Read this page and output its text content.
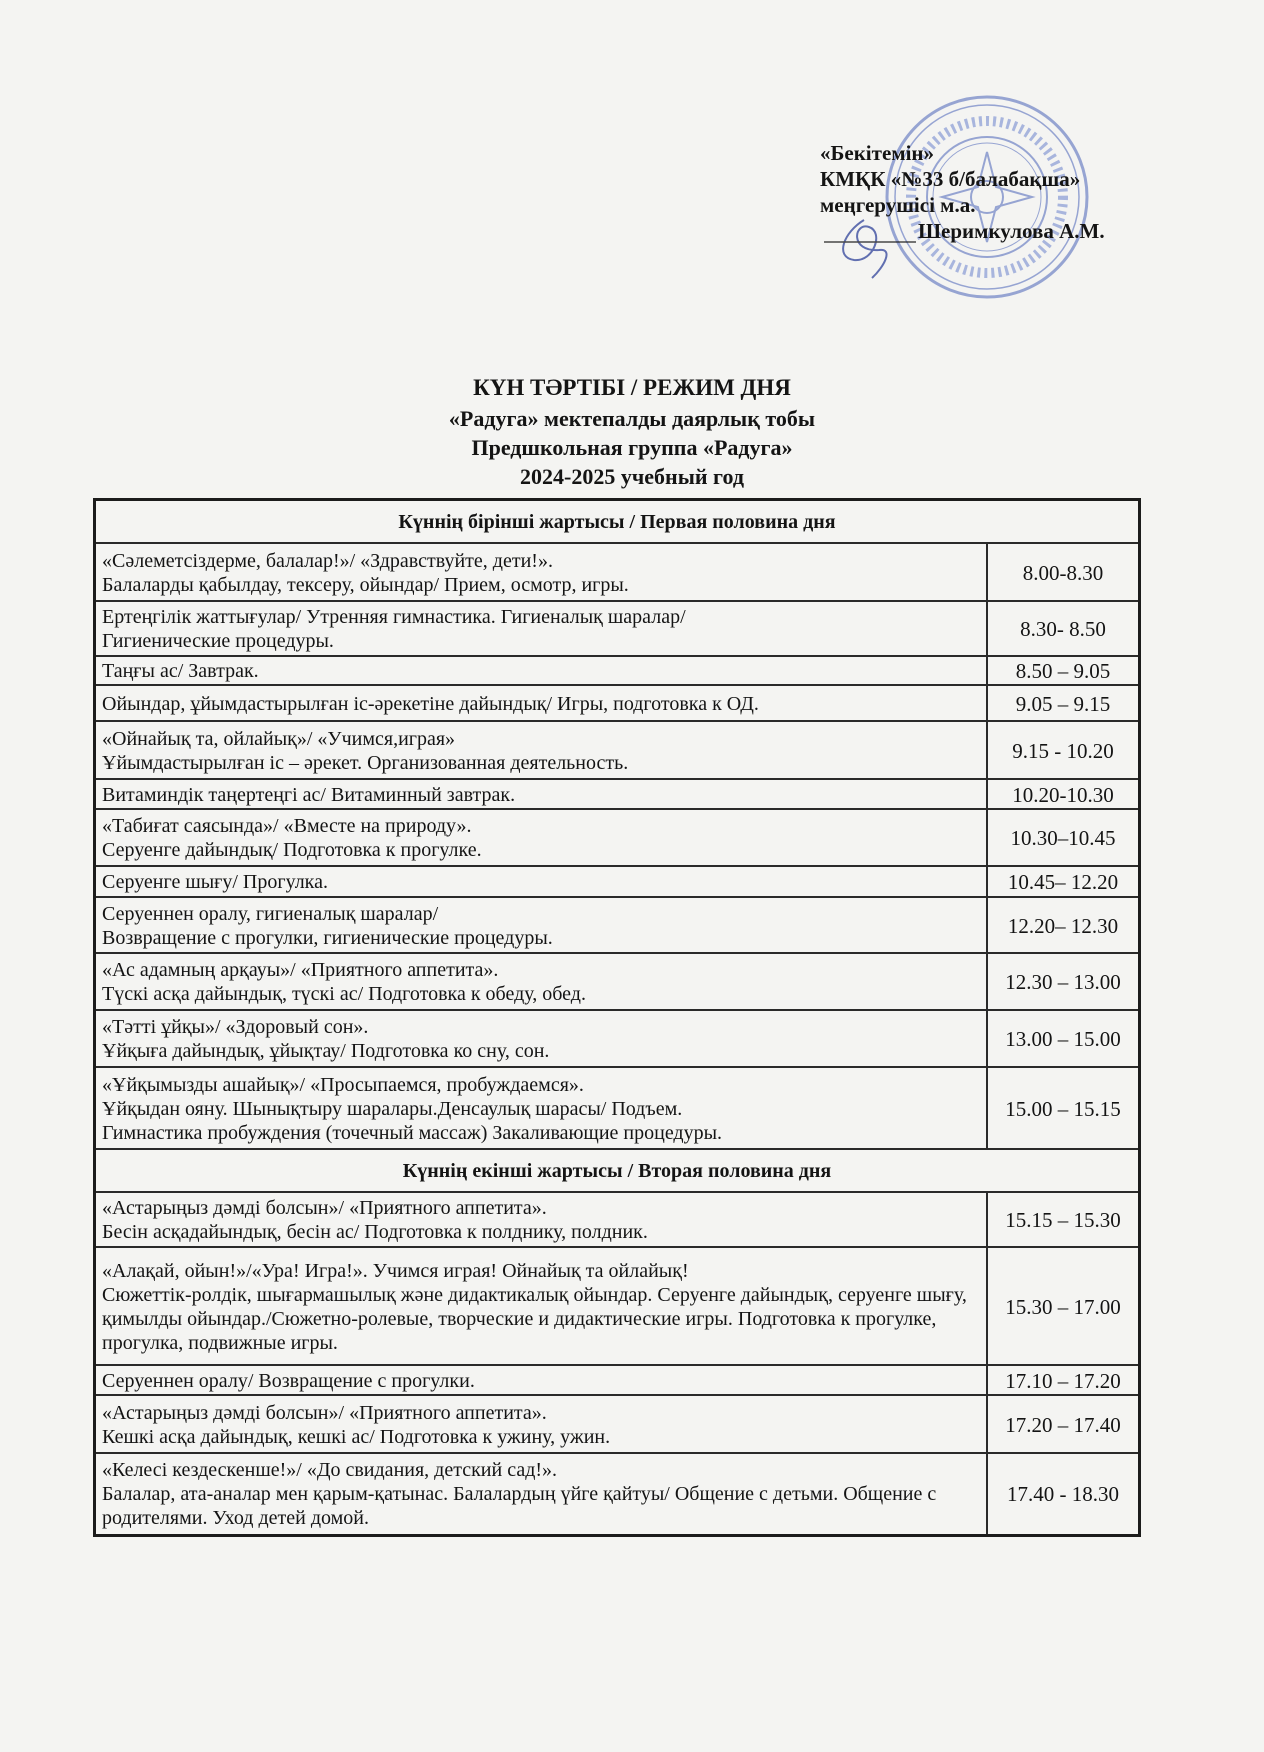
«Бекітемін»
КМҚК «№33 б/балабақша»
меңгерушісі м.а.
Шеримкулова А.М.
КҮН ТӘРТІБІ / РЕЖИМ ДНЯ
«Радуга» мектепалды даярлық тобы
Предшкольная группа «Радуга»
2024-2025 учебный год
Күннің бірінші жартысы / Первая половина дня	
«Сәлеметсіздерме, балалар!»/ «Здравствуйте, дети!».
Балаларды қабылдау, тексеру, ойындар/ Прием, осмотр, игры.	8.00-8.30
Ертеңгілік жаттығулар/ Утренняя гимнастика. Гигиеналық шаралар/
Гигиенические процедуры.	8.30- 8.50
Таңғы ас/ Завтрак.	8.50 – 9.05
Ойындар, ұйымдастырылған іс-әрекетіне дайындық/ Игры, подготовка к ОД.	9.05 – 9.15
«Ойнайық та, ойлайық»/ «Учимся,играя»
Ұйымдастырылған іс – әрекет. Организованная деятельность.	9.15 - 10.20
Витаминдік таңертеңгі ас/ Витаминный завтрак.	10.20-10.30
«Табиғат саясында»/ «Вместе на природу».
Серуенге дайындық/ Подготовка к прогулке.	10.30–10.45
Серуенге шығу/ Прогулка.	10.45– 12.20
Серуеннен оралу, гигиеналық шаралар/
Возвращение с прогулки, гигиенические процедуры.	12.20– 12.30
«Ас адамның арқауы»/ «Приятного аппетита».
Түскі асқа дайындық, түскі ас/ Подготовка к обеду, обед.	12.30 – 13.00
«Тәтті ұйқы»/ «Здоровый сон».
Ұйқыға дайындық, ұйықтау/ Подготовка ко сну, сон.	13.00 – 15.00
«Ұйқымызды ашайық»/ «Просыпаемся, пробуждаемся».
Ұйқыдан ояну. Шынықтыру шаралары.Денсаулық шарасы/ Подъем.
Гимнастика пробуждения (точечный массаж) Закаливающие процедуры.	15.00 – 15.15
Күннің екінші жартысы / Вторая половина дня	
«Астарыңыз дәмді болсын»/ «Приятного аппетита».
Бесін асқадайындық, бесін ас/ Подготовка к полднику, полдник.	15.15 – 15.30
«Алақай, ойын!»/«Ура! Игра!». Учимся играя! Ойнайық та ойлайық!
Сюжеттік-ролдік, шығармашылық және дидактикалық ойындар. Серуенге дайындық, серуенге шығу, қимылды ойындар./Сюжетно-ролевые, творческие и дидактические игры. Подготовка к прогулке, прогулка, подвижные игры.	15.30 – 17.00
Серуеннен оралу/ Возвращение с прогулки.	17.10 – 17.20
«Астарыңыз дәмді болсын»/ «Приятного аппетита».
Кешкі асқа дайындық, кешкі ас/ Подготовка к ужину, ужин.	17.20 – 17.40
«Келесі кездескенше!»/ «До свидания, детский сад!».
Балалар, ата-аналар мен қарым-қатынас. Балалардың үйге қайтуы/ Общение с детьми. Общение с родителями. Уход детей домой.	17.40 - 18.30
